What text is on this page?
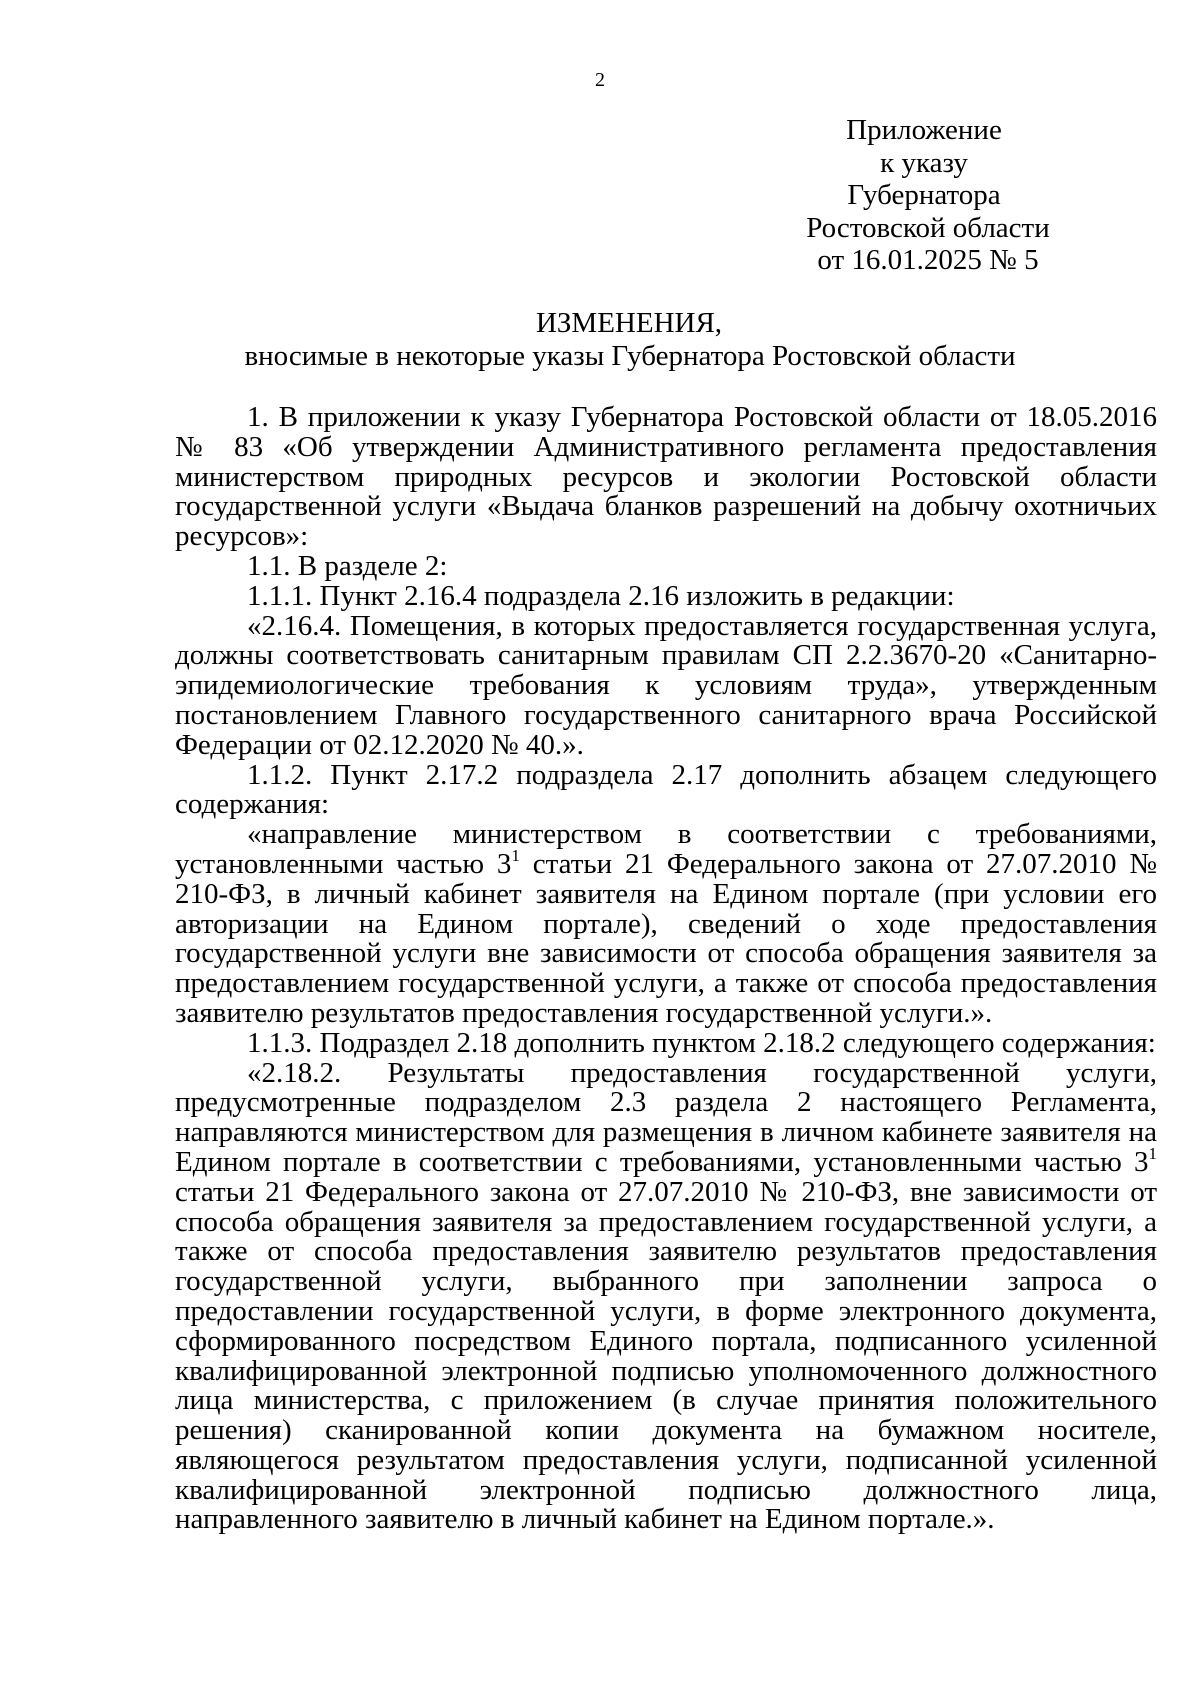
2
Приложение
к указу
Губернатора
Ростовской области
от 16.01.2025 № 5
ИЗМЕНЕНИЯ,
вносимые в некоторые указы Губернатора Ростовской области

1. В приложении к указу Губернатора Ростовской области от 18.05.2016 № 83 «Об утверждении Административного регламента предоставления министерством природных ресурсов и экологии Ростовской области государственной услуги «Выдача бланков разрешений на добычу охотничьих ресурсов»:

1.1. В разделе 2:

1.1.1. Пункт 2.16.4 подраздела 2.16 изложить в редакции:

«2.16.4. Помещения, в которых предоставляется государственная услуга, должны соответствовать санитарным правилам СП 2.2.3670-20 «Санитарно-эпидемиологические требования к условиям труда», утвержденным постановлением Главного государственного санитарного врача Российской Федерации от 02.12.2020 № 40.».

1.1.2. Пункт 2.17.2 подраздела 2.17 дополнить абзацем следующего содержания:

«направление министерством в соответствии с требованиями, установленными частью $3^1$ статьи 21 Федерального закона от 27.07.2010 № 210-ФЗ, в личный кабинет заявителя на Едином портале (при условии его авторизации на Едином портале), сведений о ходе предоставления государственной услуги вне зависимости от способа обращения заявителя за предоставлением государственной услуги, а также от способа предоставления заявителю результатов предоставления государственной услуги.».

1.1.3. Подраздел 2.18 дополнить пунктом 2.18.2 следующего содержания:

«2.18.2. Результаты предоставления государственной услуги, предусмотренные подразделом 2.3 раздела 2 настоящего Регламента, направляются министерством для размещения в личном кабинете заявителя на Едином портале в соответствии с требованиями, установленными частью $3^1$ статьи 21 Федерального закона от 27.07.2010 № 210-ФЗ, вне зависимости от способа обращения заявителя за предоставлением государственной услуги, а также от способа предоставления заявителю результатов предоставления государственной услуги, выбранного при заполнении запроса о предоставлении государственной услуги, в форме электронного документа, сформированного посредством Единого портала, подписанного усиленной квалифицированной электронной подписью уполномоченного должностного лица министерства, с приложением (в случае принятия положительного решения) сканированной копии документа на бумажном носителе, являющегося результатом предоставления услуги, подписанной усиленной квалифицированной электронной подписью должностного лица, направленного заявителю в личный кабинет на Едином портале.».
